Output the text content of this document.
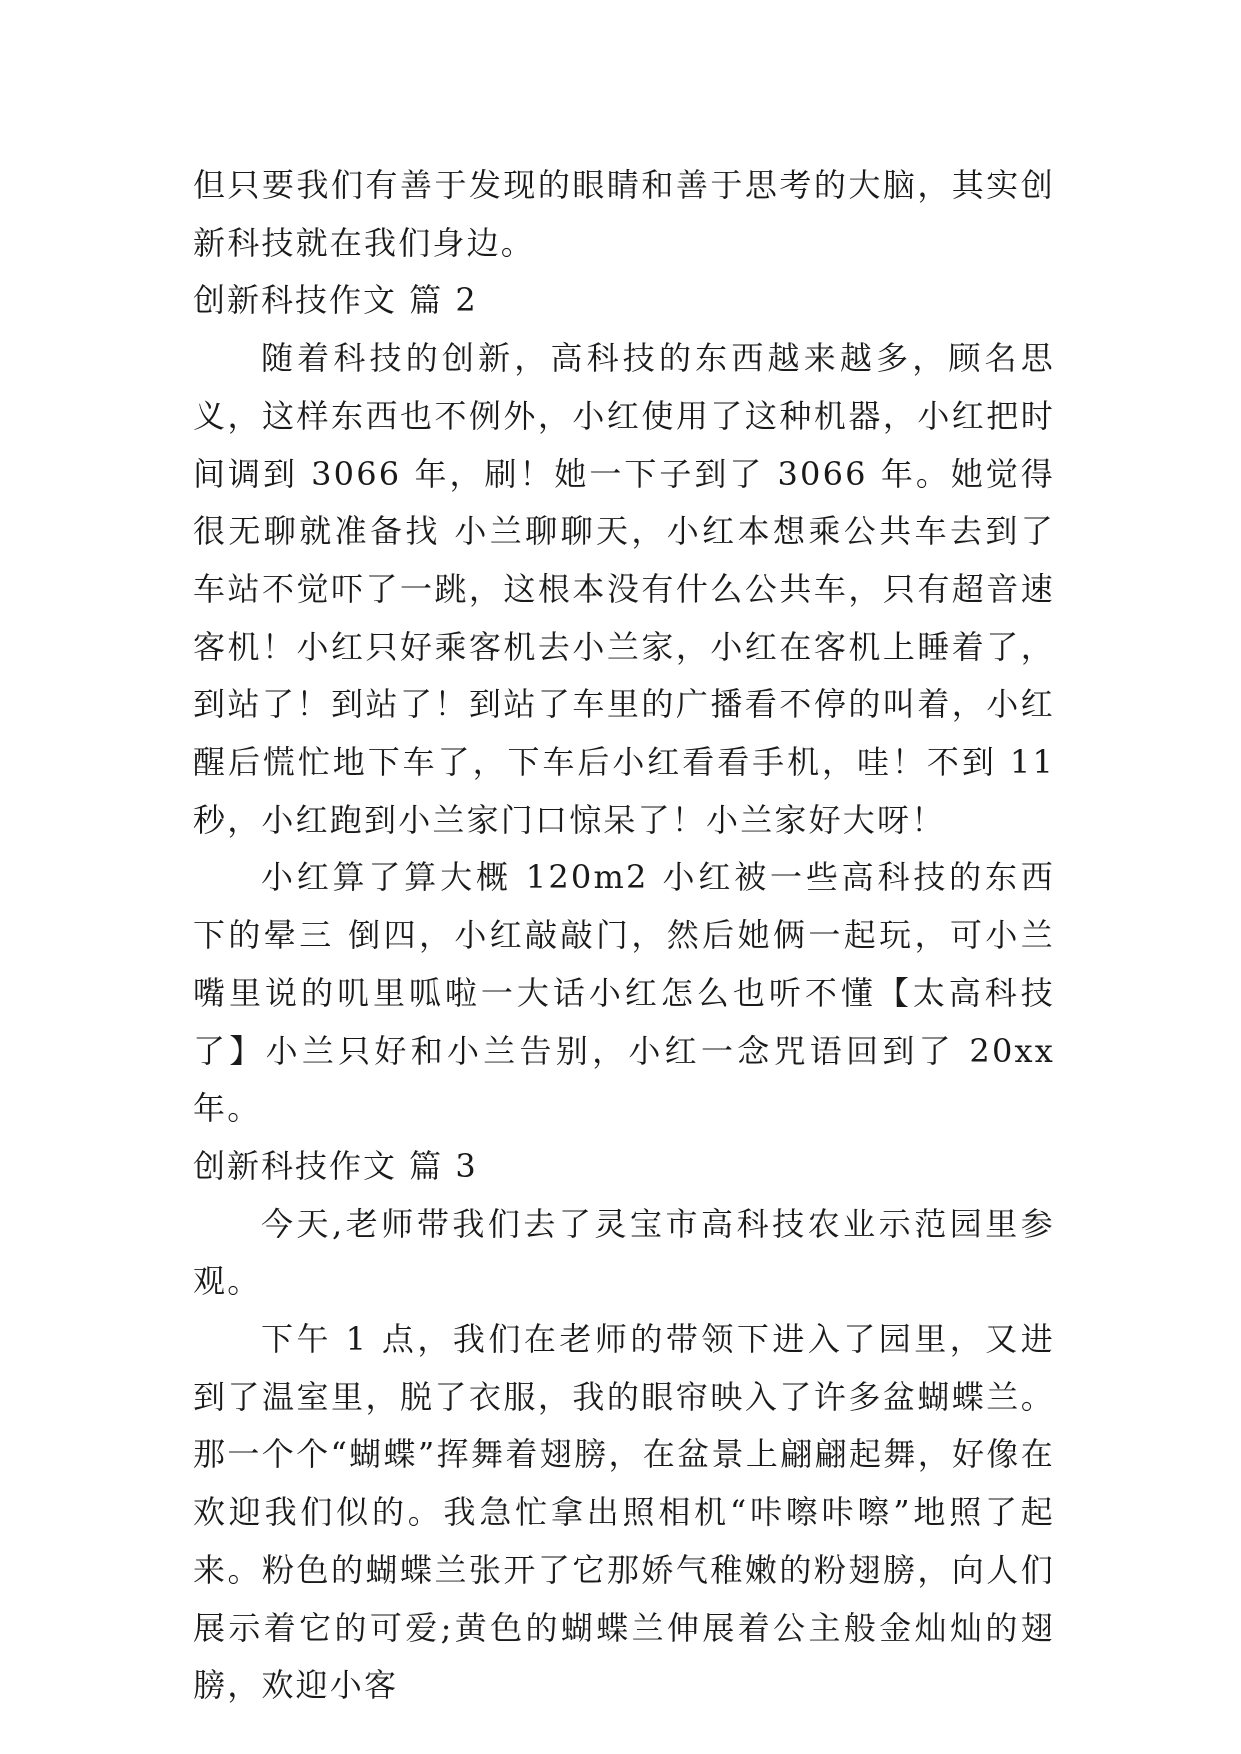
但只要我们有善于发现的眼睛和善于思考的大脑，其实创新科技就在我们身边。

创新科技作文 篇 2

随着科技的创新，高科技的东西越来越多，顾名思义，这样东西也不例外，小红使用了这种机器，小红把时间调到 3066 年，刷！她一下子到了 3066 年。她觉得很无聊就准备找 小兰聊聊天，小红本想乘公共车去到了车站不觉吓了一跳，这根本没有什么公共车，只有超音速客机！小红只好乘客机去小兰家，小红在客机上睡着了，到站了！到站了！到站了车里的广播看不停的叫着，小红醒后慌忙地下车了，下车后小红看看手机，哇！不到 11 秒，小红跑到小兰家门口惊呆了！小兰家好大呀！

小红算了算大概 120m2 小红被一些高科技的东西下的晕三 倒四，小红敲敲门，然后她俩一起玩，可小兰嘴里说的叽里呱啦一大话小红怎么也听不懂【太高科技了】小兰只好和小兰告别，小红一念咒语回到了 20xx 年。

创新科技作文 篇 3

今天,老师带我们去了灵宝市高科技农业示范园里参观。

下午 1 点，我们在老师的带领下进入了园里，又进到了温室里，脱了衣服，我的眼帘映入了许多盆蝴蝶兰。那一个个“蝴蝶”挥舞着翅膀，在盆景上翩翩起舞，好像在欢迎我们似的。我急忙拿出照相机“咔嚓咔嚓”地照了起来。粉色的蝴蝶兰张开了它那娇气稚嫩的粉翅膀，向人们展示着它的可爱;黄色的蝴蝶兰伸展着公主般金灿灿的翅膀，欢迎小客
